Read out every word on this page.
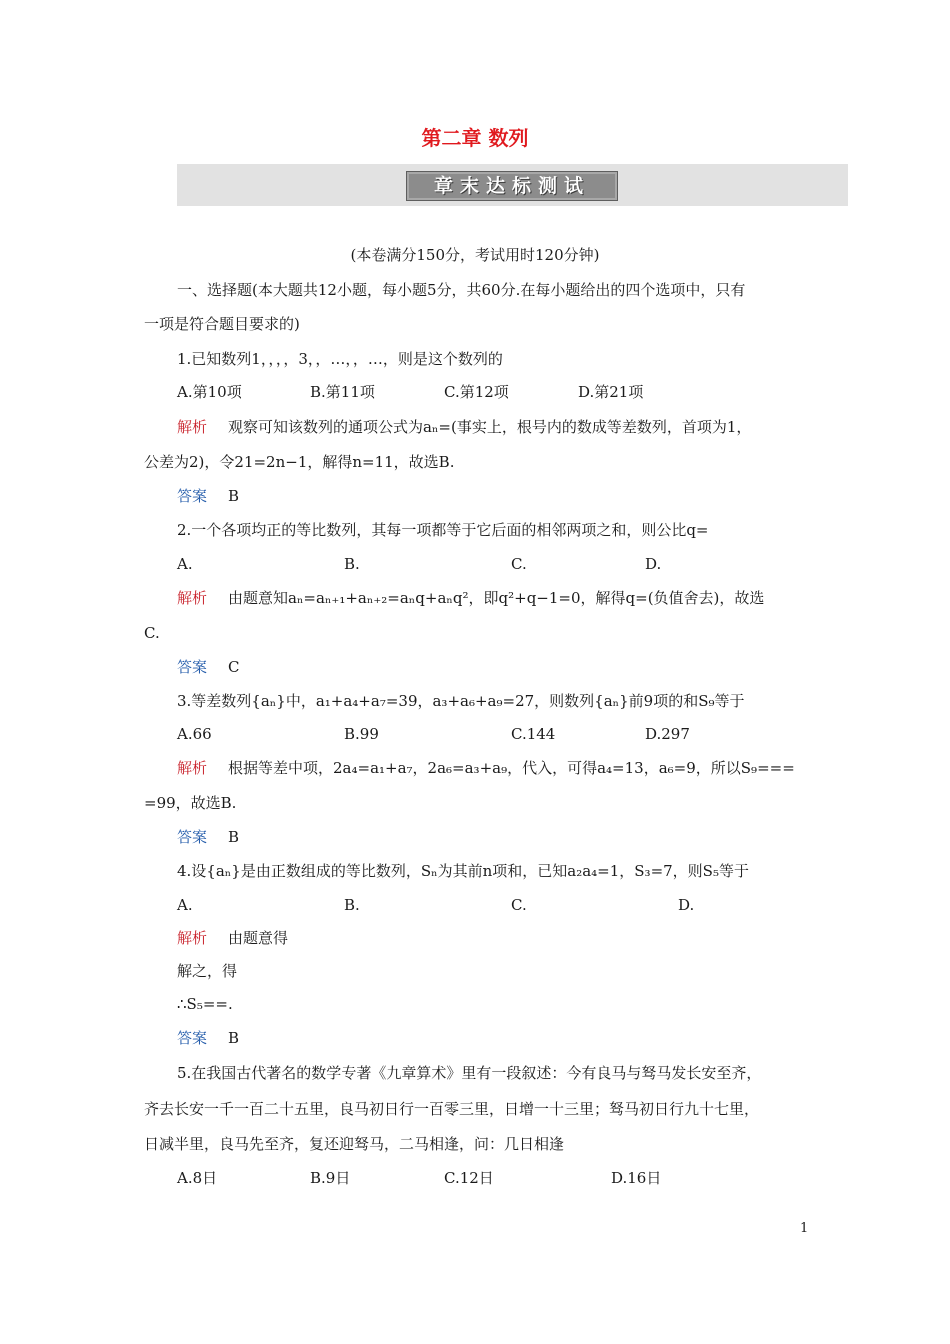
第二章 数列
章末达标测试
(本卷满分150分，考试用时120分钟)
一、选择题(本大题共12小题，每小题5分，共60分.在每小题给出的四个选项中，只有
一项是符合题目要求的)
1.已知数列1，，，，3，，…，，…，则是这个数列的
A.第10项	B.第11项	C.第12项	D.第21项
解析 观察可知该数列的通项公式为aₙ=(事实上，根号内的数成等差数列，首项为1，
公差为2)，令21=2n−1，解得n=11，故选B.
答案 B
2.一个各项均正的等比数列，其每一项都等于它后面的相邻两项之和，则公比q=
A.	B.	C.	D.
解析 由题意知aₙ=aₙ₊₁+aₙ₊₂=aₙq+aₙq²，即q²+q−1=0，解得q=(负值舍去)，故选
C.
答案 C
3.等差数列{aₙ}中，a₁+a₄+a₇=39，a₃+a₆+a₉=27，则数列{aₙ}前9项的和S₉等于
A.66	B.99	C.144	D.297
解析 根据等差中项，2a₄=a₁+a₇，2a₆=a₃+a₉，代入，可得a₄=13，a₆=9，所以S₉===
=99，故选B.
答案 B
4.设{aₙ}是由正数组成的等比数列，Sₙ为其前n项和，已知a₂a₄=1，S₃=7，则S₅等于
A.	B.	C.	D.
解析 由题意得
解之，得
∴S₅==.
答案 B
5.在我国古代著名的数学专著《九章算术》里有一段叙述：今有良马与驽马发长安至齐，
齐去长安一千一百二十五里，良马初日行一百零三里，日增一十三里；驽马初日行九十七里，
日减半里，良马先至齐，复还迎驽马，二马相逢，问：几日相逢
A.8日	B.9日	C.12日	D.16日
1
